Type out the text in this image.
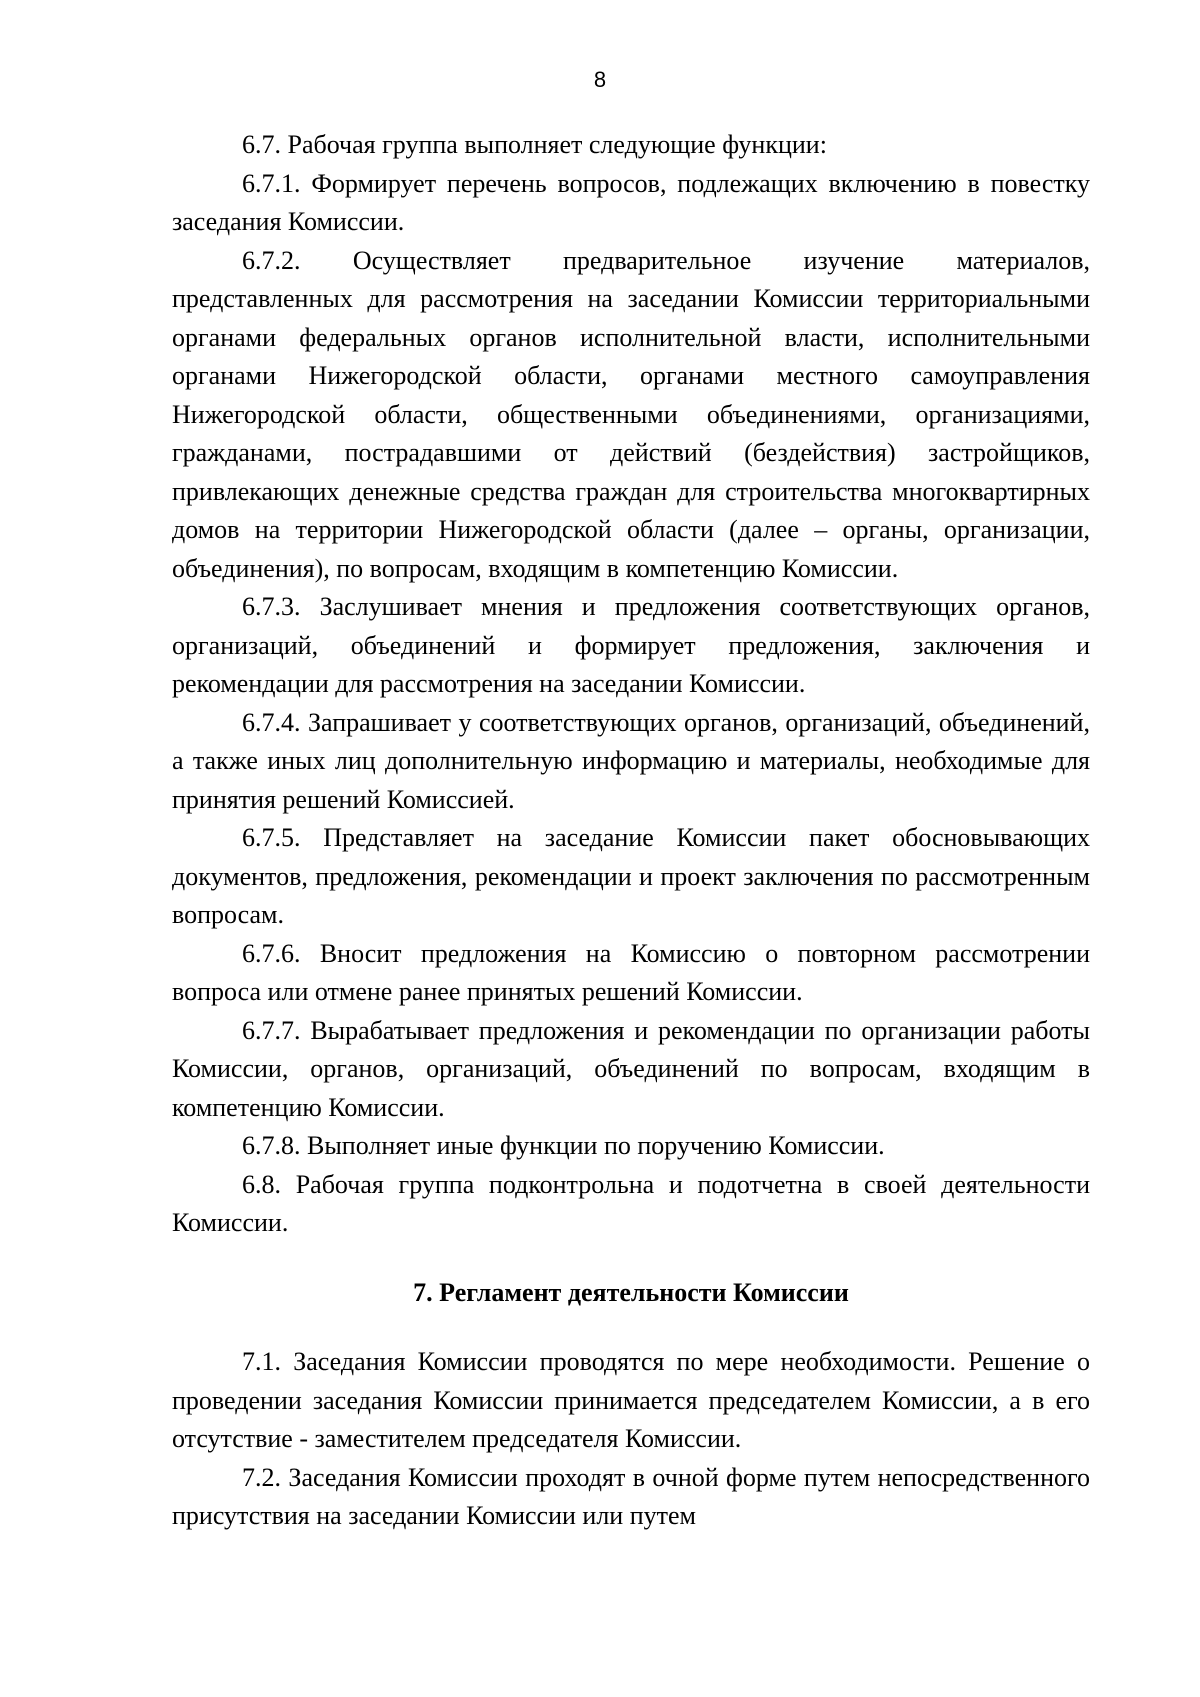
8

6.7. Рабочая группа выполняет следующие функции:

6.7.1. Формирует перечень вопросов, подлежащих включению в повестку заседания Комиссии.

6.7.2. Осуществляет предварительное изучение материалов, представленных для рассмотрения на заседании Комиссии территориальными органами федеральных органов исполнительной власти, исполнительными органами Нижегородской области, органами местного самоуправления Нижегородской области, общественными объединениями, организациями, гражданами, пострадавшими от действий (бездействия) застройщиков, привлекающих денежные средства граждан для строительства многоквартирных домов на территории Нижегородской области (далее – органы, организации, объединения), по вопросам, входящим в компетенцию Комиссии.

6.7.3. Заслушивает мнения и предложения соответствующих органов, организаций, объединений и формирует предложения, заключения и рекомендации для рассмотрения на заседании Комиссии.

6.7.4. Запрашивает у соответствующих органов, организаций, объединений, а также иных лиц дополнительную информацию и материалы, необходимые для принятия решений Комиссией.

6.7.5. Представляет на заседание Комиссии пакет обосновывающих документов, предложения, рекомендации и проект заключения по рассмотренным вопросам.

6.7.6. Вносит предложения на Комиссию о повторном рассмотрении вопроса или отмене ранее принятых решений Комиссии.

6.7.7. Вырабатывает предложения и рекомендации по организации работы Комиссии, органов, организаций, объединений по вопросам, входящим в компетенцию Комиссии.

6.7.8. Выполняет иные функции по поручению Комиссии.

6.8. Рабочая группа подконтрольна и подотчетна в своей деятельности Комиссии.

7. Регламент деятельности Комиссии

7.1. Заседания Комиссии проводятся по мере необходимости. Решение о проведении заседания Комиссии принимается председателем Комиссии, а в его отсутствие - заместителем председателя Комиссии.

7.2. Заседания Комиссии проходят в очной форме путем непосредственного присутствия на заседании Комиссии или путем
